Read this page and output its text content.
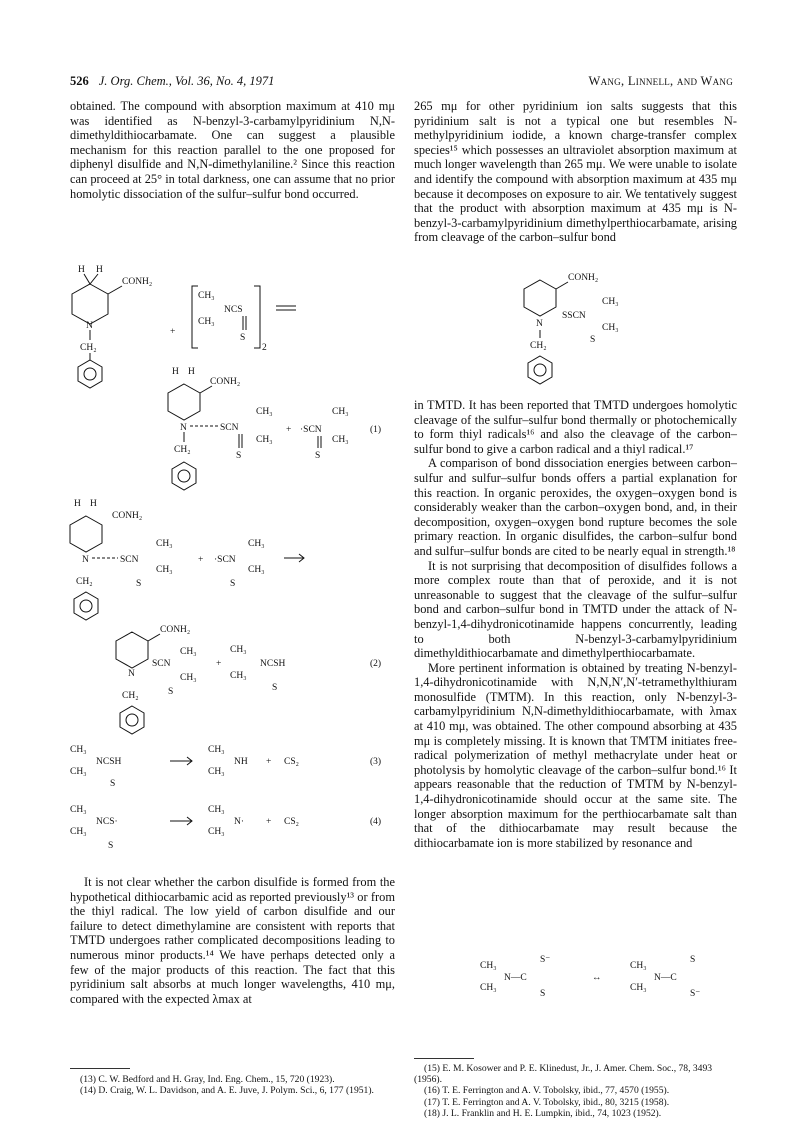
526 J. Org. Chem., Vol. 36, No. 4, 1971	Wang, Linnell, and Wang

obtained. The compound with absorption maximum at 410 mμ was identified as N-benzyl-3-carbamylpyridinium N,N-dimethyldithiocarbamate. One can suggest a plausible mechanism for this reaction parallel to the one proposed for diphenyl disulfide and N,N-dimethylaniline.² Since this reaction can proceed at 25° in total darkness, one can assume that no prior homolytic dissociation of the sulfur–sulfur bond occurred.

H H
CONH₂
N
CH₂
+
CH₃
CH₃
NCS
S
2
H H
CONH₂
N	SCN
CH₃
CH₃
S
CH₂
+ ·SCN
CH₃
CH₃
S
(1)
H H
CONH₂
N	SCN
CH₃
CH₃
S
CH₂
+ ·SCN
CH₃
CH₃
S
CONH₂
N
SCN
CH₃
CH₃
S
CH₂
+
CH₃
CH₃
NCSH
S
(2)
CH₃
CH₃
NCSH
S
CH₃
CH₃
NH + CS₂	(3)
CH₃
CH₃
NCS·
S
CH₃
CH₃
N· + CS₂	(4)

It is not clear whether the carbon disulfide is formed from the hypothetical dithiocarbamic acid as reported previously¹³ or from the thiyl radical. The low yield of carbon disulfide and our failure to detect dimethylamine are consistent with reports that TMTD undergoes rather complicated decompositions leading to numerous minor products.¹⁴ We have perhaps detected only a few of the major products of this reaction. The fact that this pyridinium salt absorbs at much longer wavelengths, 410 mμ, compared with the expected λmax at

(13) C. W. Bedford and H. Gray, Ind. Eng. Chem., 15, 720 (1923).
(14) D. Craig, W. L. Davidson, and A. E. Juve, J. Polym. Sci., 6, 177 (1951).

265 mμ for other pyridinium ion salts suggests that this pyridinium salt is not a typical one but resembles N-methylpyridinium iodide, a known charge-transfer complex species¹⁵ which possesses an ultraviolet absorption maximum at much longer wavelength than 265 mμ. We were unable to isolate and identify the compound with absorption maximum at 435 mμ because it decomposes on exposure to air. We tentatively suggest that the product with absorption maximum at 435 mμ is N-benzyl-3-carbamylpyridinium dimethylperthiocarbamate, arising from cleavage of the carbon–sulfur bond

CONH₂
N
SSCN
CH₃
CH₃
S
CH₂

in TMTD. It has been reported that TMTD undergoes homolytic cleavage of the sulfur–sulfur bond thermally or photochemically to form thiyl radicals¹⁶ and also the cleavage of the carbon–sulfur bond to give a carbon radical and a thiyl radical.¹⁷

A comparison of bond dissociation energies between carbon–sulfur and sulfur–sulfur bonds offers a partial explanation for this reaction. In organic peroxides, the oxygen–oxygen bond is considerably weaker than the carbon–oxygen bond, and, in their decomposition, oxygen–oxygen bond rupture becomes the sole primary reaction. In organic disulfides, the carbon–sulfur bond and sulfur–sulfur bonds are cited to be nearly equal in strength.¹⁸

It is not surprising that decomposition of disulfides follows a more complex route than that of peroxide, and it is not unreasonable to suggest that the cleavage of the sulfur–sulfur bond and carbon–sulfur bond in TMTD under the attack of N-benzyl-1,4-dihydronicotinamide happens concurrently, leading to both N-benzyl-3-carbamylpyridinium dimethyldithiocarbamate and dimethylperthiocarbamate.

More pertinent information is obtained by treating N-benzyl-1,4-dihydronicotinamide with N,N,N′,N′-tetramethylthiuram monosulfide (TMTM). In this reaction, only N-benzyl-3-carbamylpyridinium N,N-dimethyldithiocarbamate, with λmax at 410 mμ, was obtained. The other compound absorbing at 435 mμ is completely missing. It is known that TMTM initiates free-radical polymerization of methyl methacrylate under heat or photolysis by homolytic cleavage of the carbon–sulfur bond.¹⁶ It appears reasonable that the reduction of TMTM by N-benzyl-1,4-dihydronicotinamide should occur at the same site. The longer absorption maximum for the perthiocarbamate salt than that of the dithiocarbamate may result because the dithiocarbamate ion is more stabilized by resonance and

CH₃
CH₃
N—C
S⁻
S
↔
CH₃
CH₃
N—C
S
S⁻
(15) E. M. Kosower and P. E. Klinedust, Jr., J. Amer. Chem. Soc., 78, 3493 (1956).
(16) T. E. Ferrington and A. V. Tobolsky, ibid., 77, 4570 (1955).
(17) T. E. Ferrington and A. V. Tobolsky, ibid., 80, 3215 (1958).
(18) J. L. Franklin and H. E. Lumpkin, ibid., 74, 1023 (1952).
